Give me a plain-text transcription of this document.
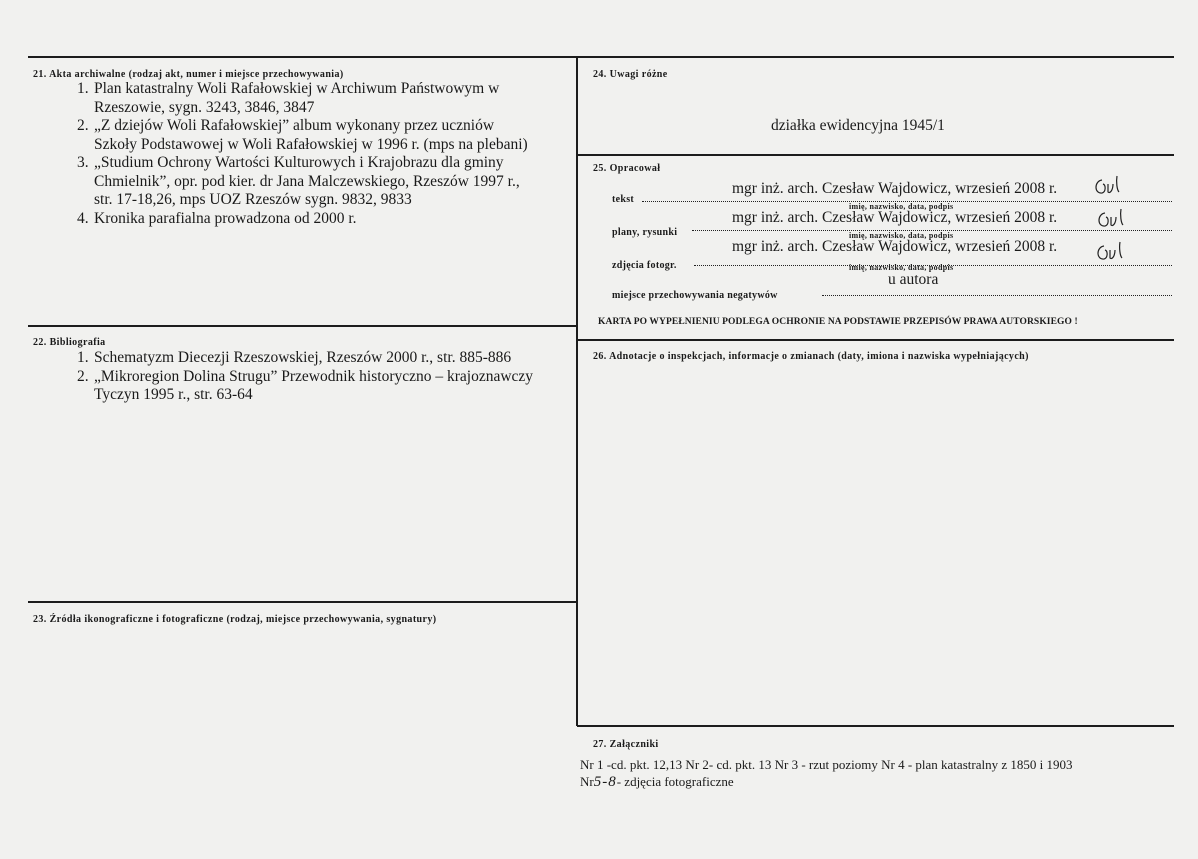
21. Akta archiwalne (rodzaj akt, numer i miejsce przechowywania)
1. Plan katastralny Woli Rafałowskiej w Archiwum Państwowym w
Rzeszowie, sygn. 3243, 3846, 3847
2. „Z dziejów Woli Rafałowskiej” album wykonany przez uczniów
Szkoły Podstawowej w Woli Rafałowskiej w 1996 r. (mps na plebani)
3. „Studium Ochrony Wartości Kulturowych i Krajobrazu dla gminy
Chmielnik”, opr. pod kier. dr Jana Malczewskiego, Rzeszów 1997 r.,
str. 17-18,26, mps UOZ Rzeszów sygn. 9832, 9833
4. Kronika parafialna prowadzona od 2000 r.
22. Bibliografia
1. Schematyzm Diecezji Rzeszowskiej, Rzeszów 2000 r., str. 885-886
2. „Mikroregion Dolina Strugu” Przewodnik historyczno – krajoznawczy
Tyczyn 1995 r., str. 63-64
23. Źródła ikonograficzne i fotograficzne (rodzaj, miejsce przechowywania, sygnatury)
24. Uwagi różne
działka ewidencyjna 1945/1
25. Opracował
tekst
mgr inż. arch. Czesław Wajdowicz, wrzesień 2008 r.
imię, nazwisko, data, podpis
plany, rysunki
mgr inż. arch. Czesław Wajdowicz, wrzesień 2008 r.
imię, nazwisko, data, podpis
zdjęcia fotogr.
mgr inż. arch. Czesław Wajdowicz, wrzesień 2008 r.
imię, nazwisko, data, podpis
miejsce przechowywania negatywów
u autora
KARTA PO WYPEŁNIENIU PODLEGA OCHRONIE NA PODSTAWIE PRZEPISÓW PRAWA AUTORSKIEGO !
26. Adnotacje o inspekcjach, informacje o zmianach (daty, imiona i nazwiska wypełniających)
27. Załączniki
Nr 1 -cd. pkt. 12,13 Nr 2- cd. pkt. 13 Nr 3 - rzut poziomy Nr 4 - plan katastralny z 1850 i 1903
Nr5-8- zdjęcia fotograficzne
